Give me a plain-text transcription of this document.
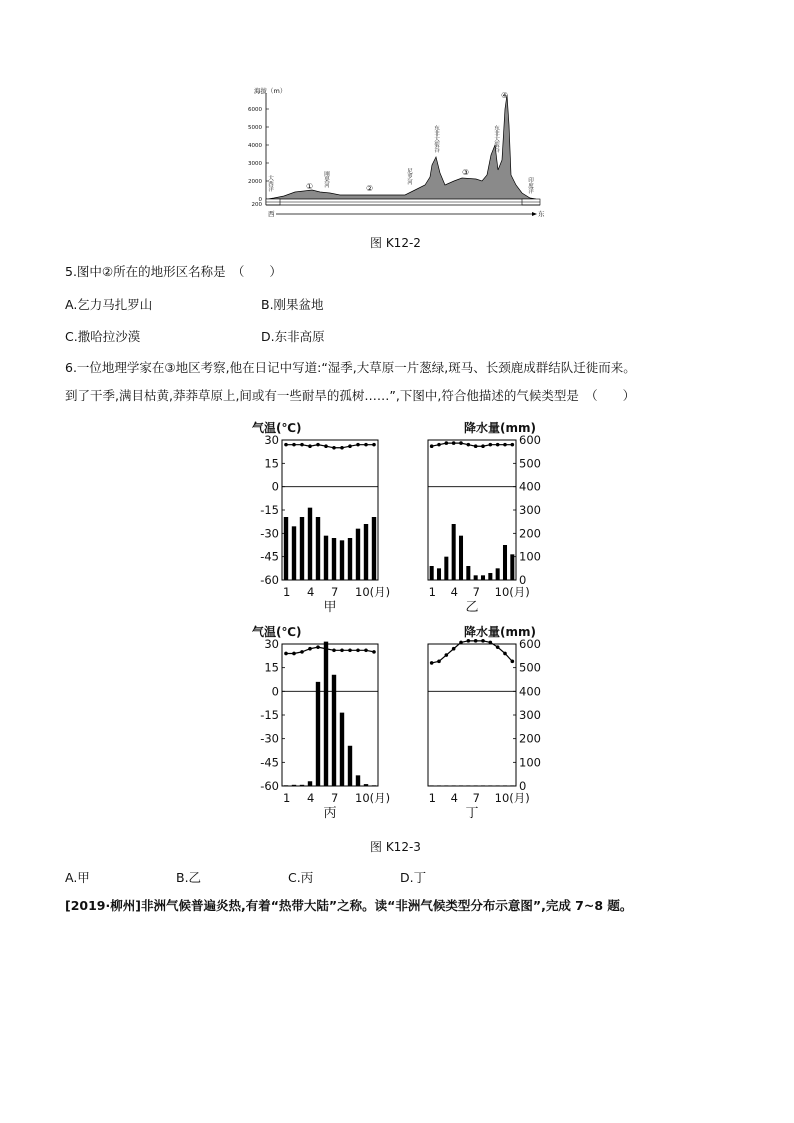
海拔（m）
6000
5000
4000
3000
2000
0
200
西	东
大西洋	刚果河	尼罗河
东非大裂谷	东非大裂谷
印度洋
①	②
③
④
图 K12-2
5.图中②所在的地形区名称是　（　　）
A.乞力马扎罗山	B.刚果盆地
C.撒哈拉沙漠	D.东非高原
6.一位地理学家在③地区考察,他在日记中写道:“湿季,大草原一片葱绿,斑马、长颈鹿成群结队迁徙而来。
到了干季,满目枯黄,莽莽草原上,间或有一些耐旱的孤树……”,下图中,符合他描述的气候类型是　（　　）
气温(℃)
30
15
0
-15
-30
-45
-60
1 4 7 10(月)
甲
降水量(mm)
600
500
400
300
200
100
0
1 4 7 10(月)
乙
气温(℃)
30
15
0
-15
-30
-45
-60
1 4 7 10(月)
丙
降水量(mm)
600
500
400
300
200
100
0
1 4 7 10(月)
丁
图 K12-3
A.甲	B.乙	C.丙	D.丁
[2019·柳州]非洲气候普遍炎热,有着“热带大陆”之称。读“非洲气候类型分布示意图”,完成 7~8 题。
